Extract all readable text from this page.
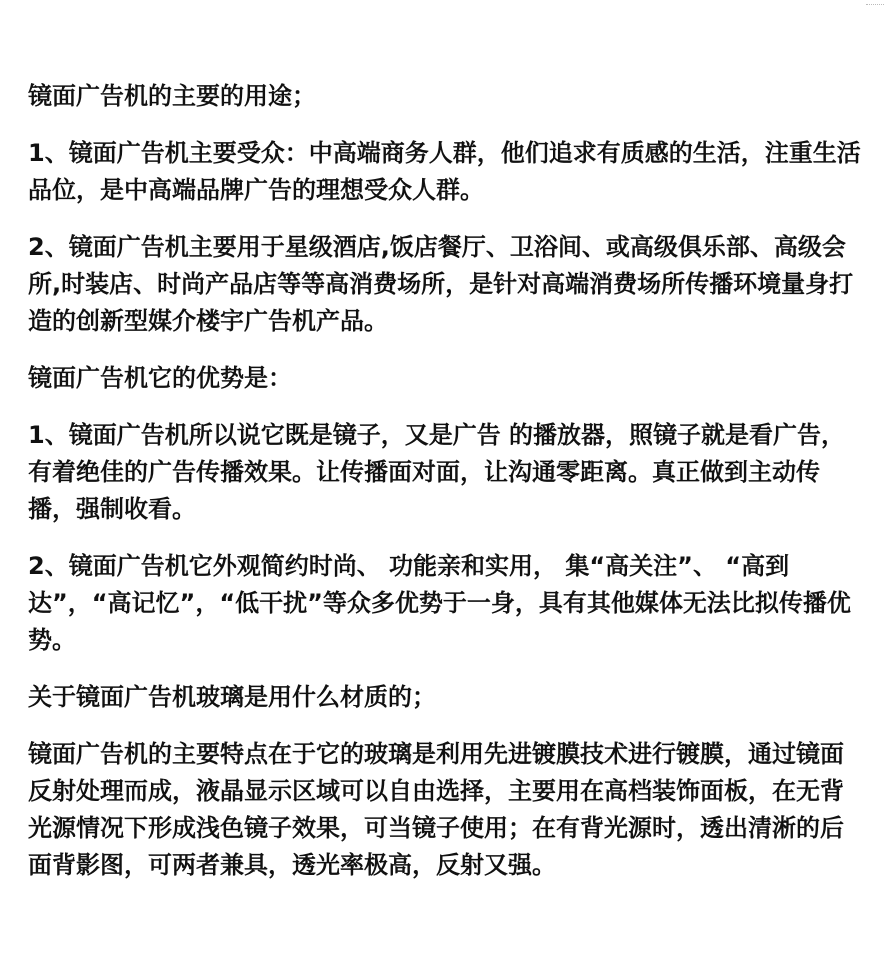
镜面广告机的主要的用途；

1、镜面广告机主要受众：中高端商务人群，他们追求有质感的生活，注重生活品位，是中高端品牌广告的理想受众人群。

2、镜面广告机主要用于星级酒店,饭店餐厅、卫浴间、或高级俱乐部、高级会所,时装店、时尚产品店等等高消费场所，是针对高端消费场所传播环境量身打造的创新型媒介楼宇广告机产品。

镜面广告机它的优势是：

1、镜面广告机所以说它既是镜子，又是广告 的播放器，照镜子就是看广告，有着绝佳的广告传播效果。让传播面对面，让沟通零距离。真正做到主动传播，强制收看。

2、镜面广告机它外观简约时尚、 功能亲和实用， 集“高关注”、 “高到达”，“高记忆”，“低干扰”等众多优势于一身，具有其他媒体无法比拟传播优势。

关于镜面广告机玻璃是用什么材质的；

镜面广告机的主要特点在于它的玻璃是利用先进镀膜技术进行镀膜，通过镜面反射处理而成，液晶显示区域可以自由选择，主要用在高档装饰面板，在无背光源情况下形成浅色镜子效果，可当镜子使用；在有背光源时，透出清淅的后面背影图，可两者兼具，透光率极高，反射又强。
